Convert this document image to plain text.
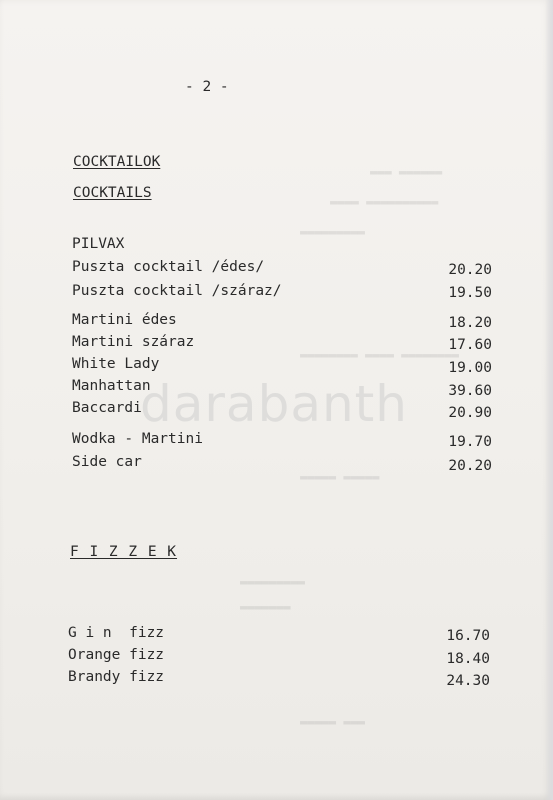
▬▬▬ ▬▬▬▬▬▬
▬▬▬▬ ▬▬▬▬▬▬▬▬▬▬
▬▬▬▬▬▬▬▬▬
▬▬▬▬▬▬▬▬ ▬▬▬▬ ▬▬▬▬▬▬▬▬
▬▬▬▬▬ ▬▬▬▬▬
▬▬▬▬▬▬▬▬▬
▬▬▬▬▬▬▬
▬▬▬▬▬ ▬▬▬
- 2 -
COCKTAILOK
COCKTAILS
PILVAX
Puszta cocktail /édes/	20.20
Puszta cocktail /száraz/	19.50
Martini édes	18.20
Martini száraz	17.60
White Lady	19.00
Manhattan	39.60
Baccardi	20.90
Wodka - Martini	19.70
Side car	20.20
F I Z Z E K
G i n  fizz	16.70
Orange fizz	18.40
Brandy fizz	24.30
darabanth
